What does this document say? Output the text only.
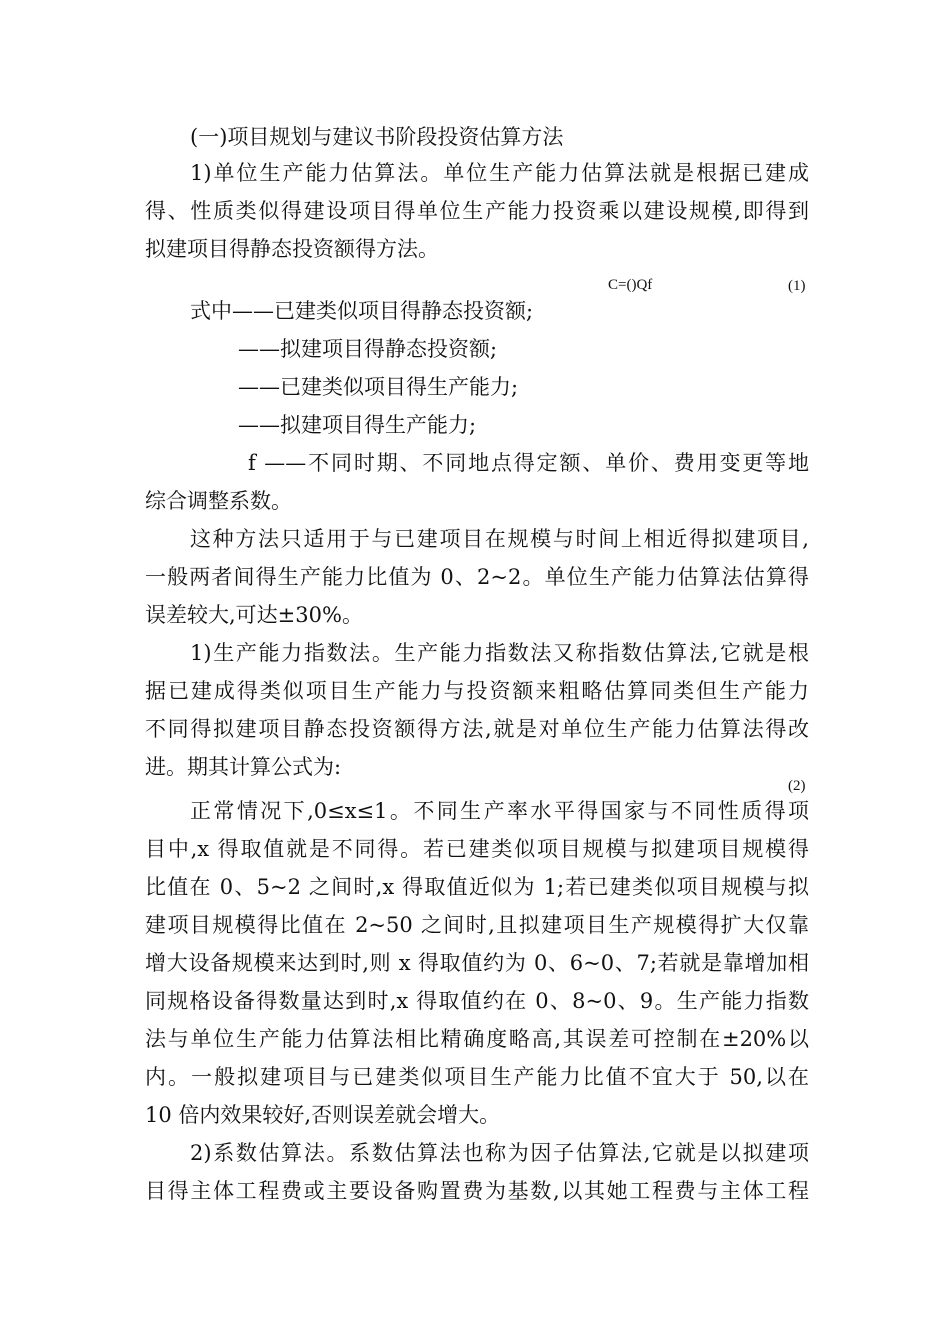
(一)项目规划与建议书阶段投资估算方法
1)单位生产能力估算法。单位生产能力估算法就是根据已建成
得、性质类似得建设项目得单位生产能力投资乘以建设规模,即得到
拟建项目得静态投资额得方法。
C=()Qf	(1)
式中——已建类似项目得静态投资额;
——拟建项目得静态投资额;
——已建类似项目得生产能力;
——拟建项目得生产能力;
f ——不同时期、不同地点得定额、单价、费用变更等地
综合调整系数。
这种方法只适用于与已建项目在规模与时间上相近得拟建项目,
一般两者间得生产能力比值为 0、2~2。单位生产能力估算法估算得
误差较大,可达±30%。
1)生产能力指数法。生产能力指数法又称指数估算法,它就是根
据已建成得类似项目生产能力与投资额来粗略估算同类但生产能力
不同得拟建项目静态投资额得方法,就是对单位生产能力估算法得改
进。期其计算公式为:
(2)
正常情况下,0≤x≤1。不同生产率水平得国家与不同性质得项
目中,x 得取值就是不同得。若已建类似项目规模与拟建项目规模得
比值在 0、5~2 之间时,x 得取值近似为 1;若已建类似项目规模与拟
建项目规模得比值在 2~50 之间时,且拟建项目生产规模得扩大仅靠
增大设备规模来达到时,则 x 得取值约为 0、6~0、7;若就是靠增加相
同规格设备得数量达到时,x 得取值约在 0、8~0、9。生产能力指数
法与单位生产能力估算法相比精确度略高,其误差可控制在±20%以
内。一般拟建项目与已建类似项目生产能力比值不宜大于 50,以在
10 倍内效果较好,否则误差就会增大。
2)系数估算法。系数估算法也称为因子估算法,它就是以拟建项
目得主体工程费或主要设备购置费为基数,以其她工程费与主体工程
